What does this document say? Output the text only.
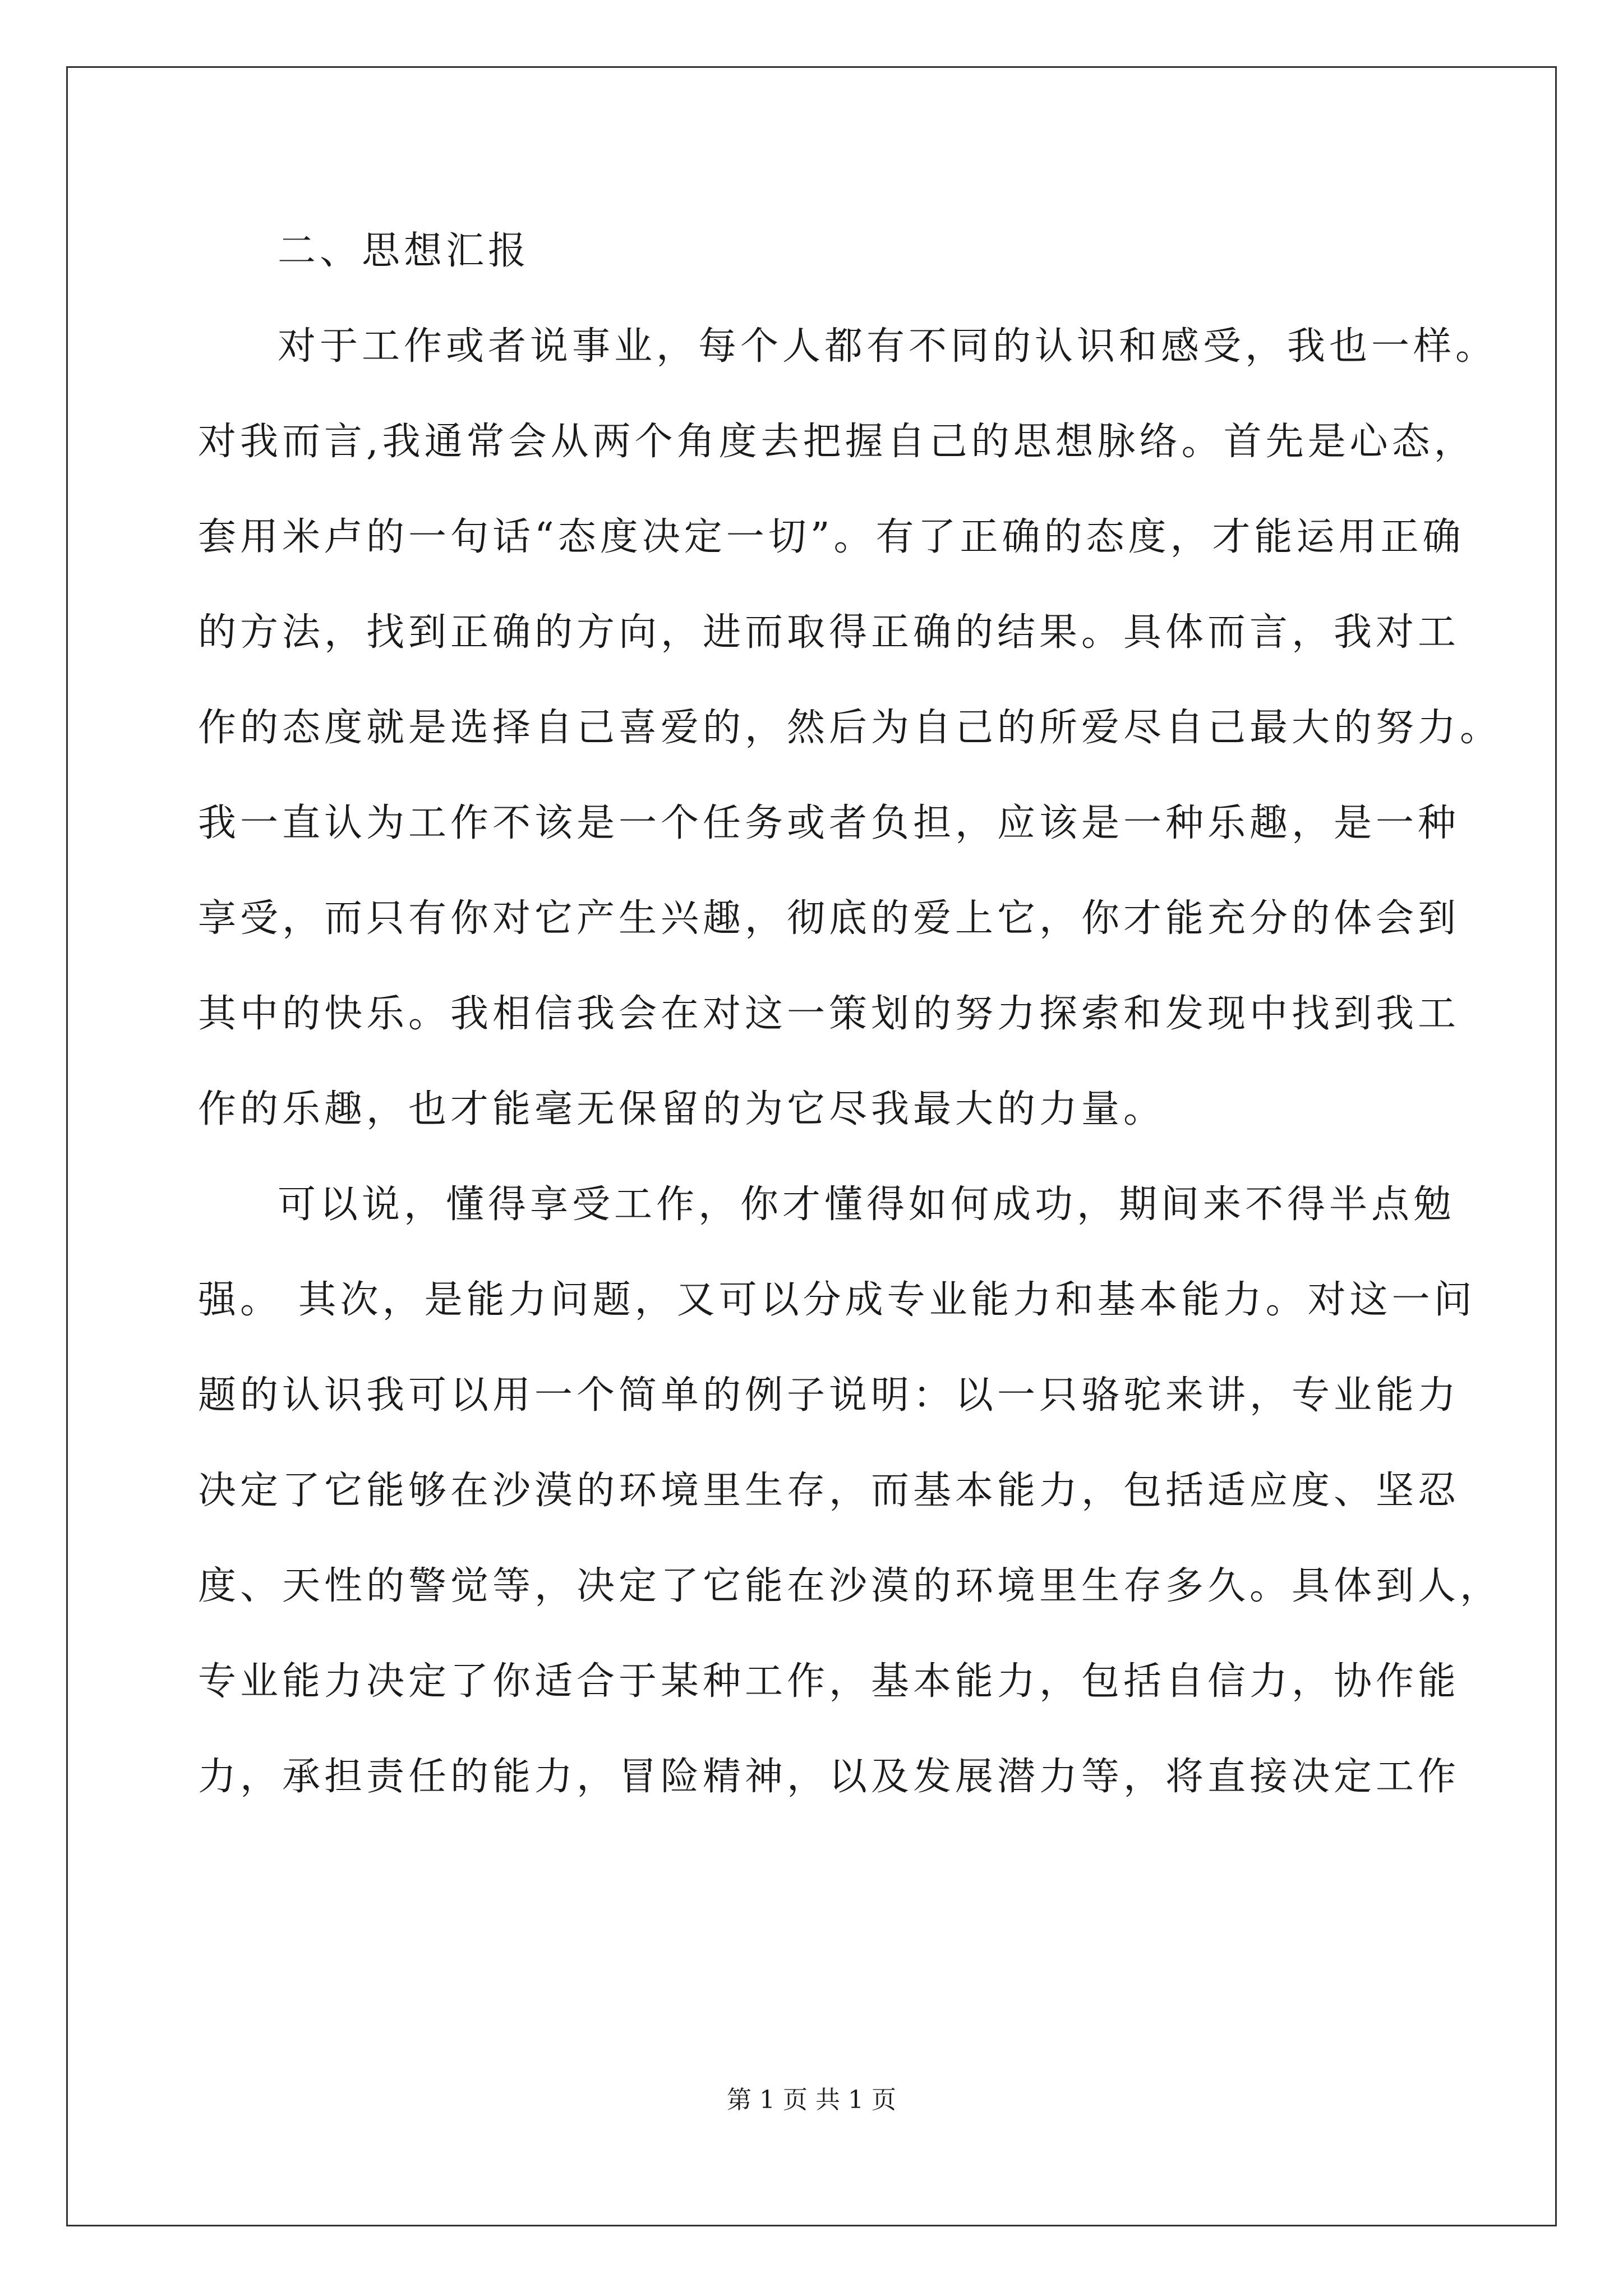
二、思想汇报
对于工作或者说事业，每个人都有不同的认识和感受，我也一样。
对我而言,我通常会从两个角度去把握自己的思想脉络。首先是心态，
套用米卢的一句话“态度决定一切”。有了正确的态度，才能运用正确
的方法，找到正确的方向，进而取得正确的结果。具体而言，我对工
作的态度就是选择自己喜爱的，然后为自己的所爱尽自己最大的努力。
我一直认为工作不该是一个任务或者负担，应该是一种乐趣，是一种
享受，而只有你对它产生兴趣，彻底的爱上它，你才能充分的体会到
其中的快乐。我相信我会在对这一策划的努力探索和发现中找到我工
作的乐趣，也才能毫无保留的为它尽我最大的力量。
可以说，懂得享受工作，你才懂得如何成功，期间来不得半点勉
强。 其次，是能力问题，又可以分成专业能力和基本能力。对这一问
题的认识我可以用一个简单的例子说明：以一只骆驼来讲，专业能力
决定了它能够在沙漠的环境里生存，而基本能力，包括适应度、坚忍
度、天性的警觉等，决定了它能在沙漠的环境里生存多久。具体到人，
专业能力决定了你适合于某种工作，基本能力，包括自信力，协作能
力，承担责任的能力，冒险精神，以及发展潜力等，将直接决定工作
第 1 页 共 1 页
